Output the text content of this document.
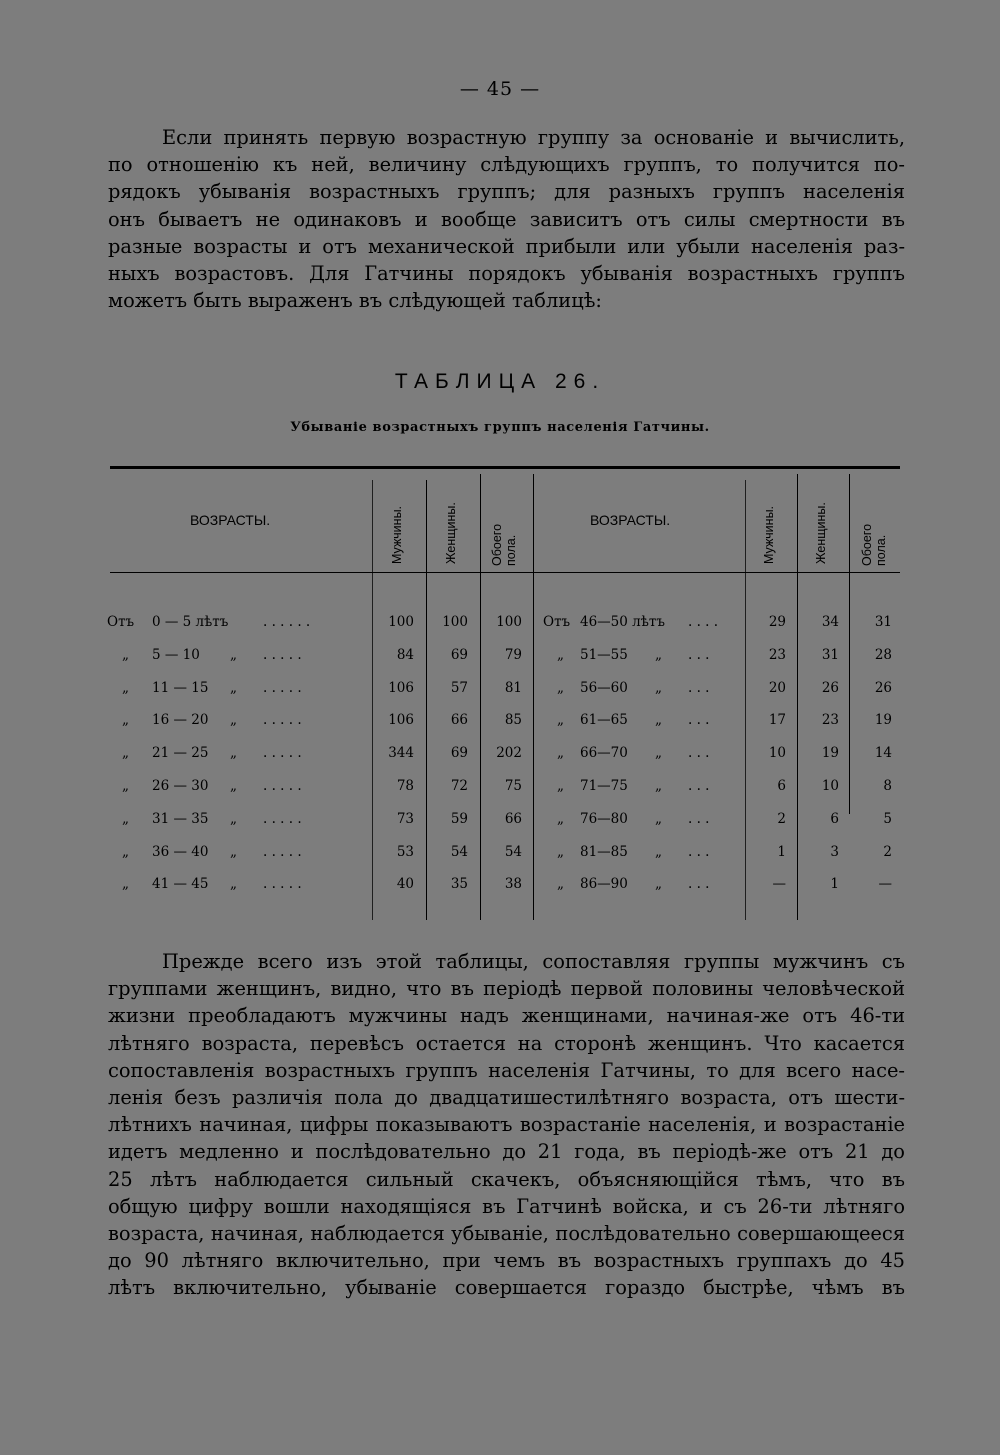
— 45 —
Если принять первую возрастную группу за основаніе и вычислить,
по отношенію къ ней, величину слѣдующихъ группъ, то получится по-
рядокъ убыванія возрастныхъ группъ; для разныхъ группъ населенія
онъ бываетъ не одинаковъ и вообще зависитъ отъ силы смертности въ
разные возрасты и отъ механической прибыли или убыли населенія раз-
ныхъ возрастовъ. Для Гатчины порядокъ убыванія возрастныхъ группъ
можетъ быть выраженъ въ слѣдующей таблицѣ:
ТАБЛИЦА 26.
Убываніе возрастныхъ группъ населенія Гатчины.
ВОЗРАСТЫ.	Мужчины.	Женщины.	Обоего пола.
ВОЗРАСТЫ.	Мужчины.	Женщины.	Обоего пола.
Отъ 0 — 5 лѣтъ	. . . . . .	100	100	100
„ 5 — 10 „ . . . . .	84	69	79
„ 11 — 15 „ . . . . .	106	57	81
„ 16 — 20 „ . . . . .	106	66	85
„ 21 — 25 „ . . . . .	344	69	202
„ 26 — 30 „ . . . . .	78	72	75
„ 31 — 35 „ . . . . .	73	59	66
„ 36 — 40 „ . . . . .	53	54	54
„ 41 — 45 „ . . . . .	40	35	38
Отъ 46—50 лѣтъ . . . .	29	34	31
„ 51—55 „ . . .	23	31	28
„ 56—60 „ . . .	20	26	26
„ 61—65 „ . . .	17	23	19
„ 66—70 „ . . .	10	19	14
„ 71—75 „ . . .	6	10	8
„ 76—80 „ . . .	2	6	5
„ 81—85 „ . . .	1	3	2
„ 86—90 „ . . .	—	1	—
Прежде всего изъ этой таблицы, сопоставляя группы мужчинъ съ
группами женщинъ, видно, что въ періодѣ первой половины человѣческой
жизни преобладаютъ мужчины надъ женщинами, начиная-же отъ 46-ти
лѣтняго возраста, перевѣсъ остается на сторонѣ женщинъ. Что касается
сопоставленія возрастныхъ группъ населенія Гатчины, то для всего насе-
ленія безъ различія пола до двадцатишестилѣтняго возраста, отъ шести-
лѣтнихъ начиная, цифры показываютъ возрастаніе населенія, и возрастаніе
идетъ медленно и послѣдовательно до 21 года, въ періодѣ-же отъ 21 до
25 лѣтъ наблюдается сильный скачекъ, объясняющійся тѣмъ, что въ
общую цифру вошли находящіяся въ Гатчинѣ войска, и съ 26-ти лѣтняго
возраста, начиная, наблюдается убываніе, послѣдовательно совершающееся
до 90 лѣтняго включительно, при чемъ въ возрастныхъ группахъ до 45
лѣтъ включительно, убываніе совершается гораздо быстрѣе, чѣмъ въ
